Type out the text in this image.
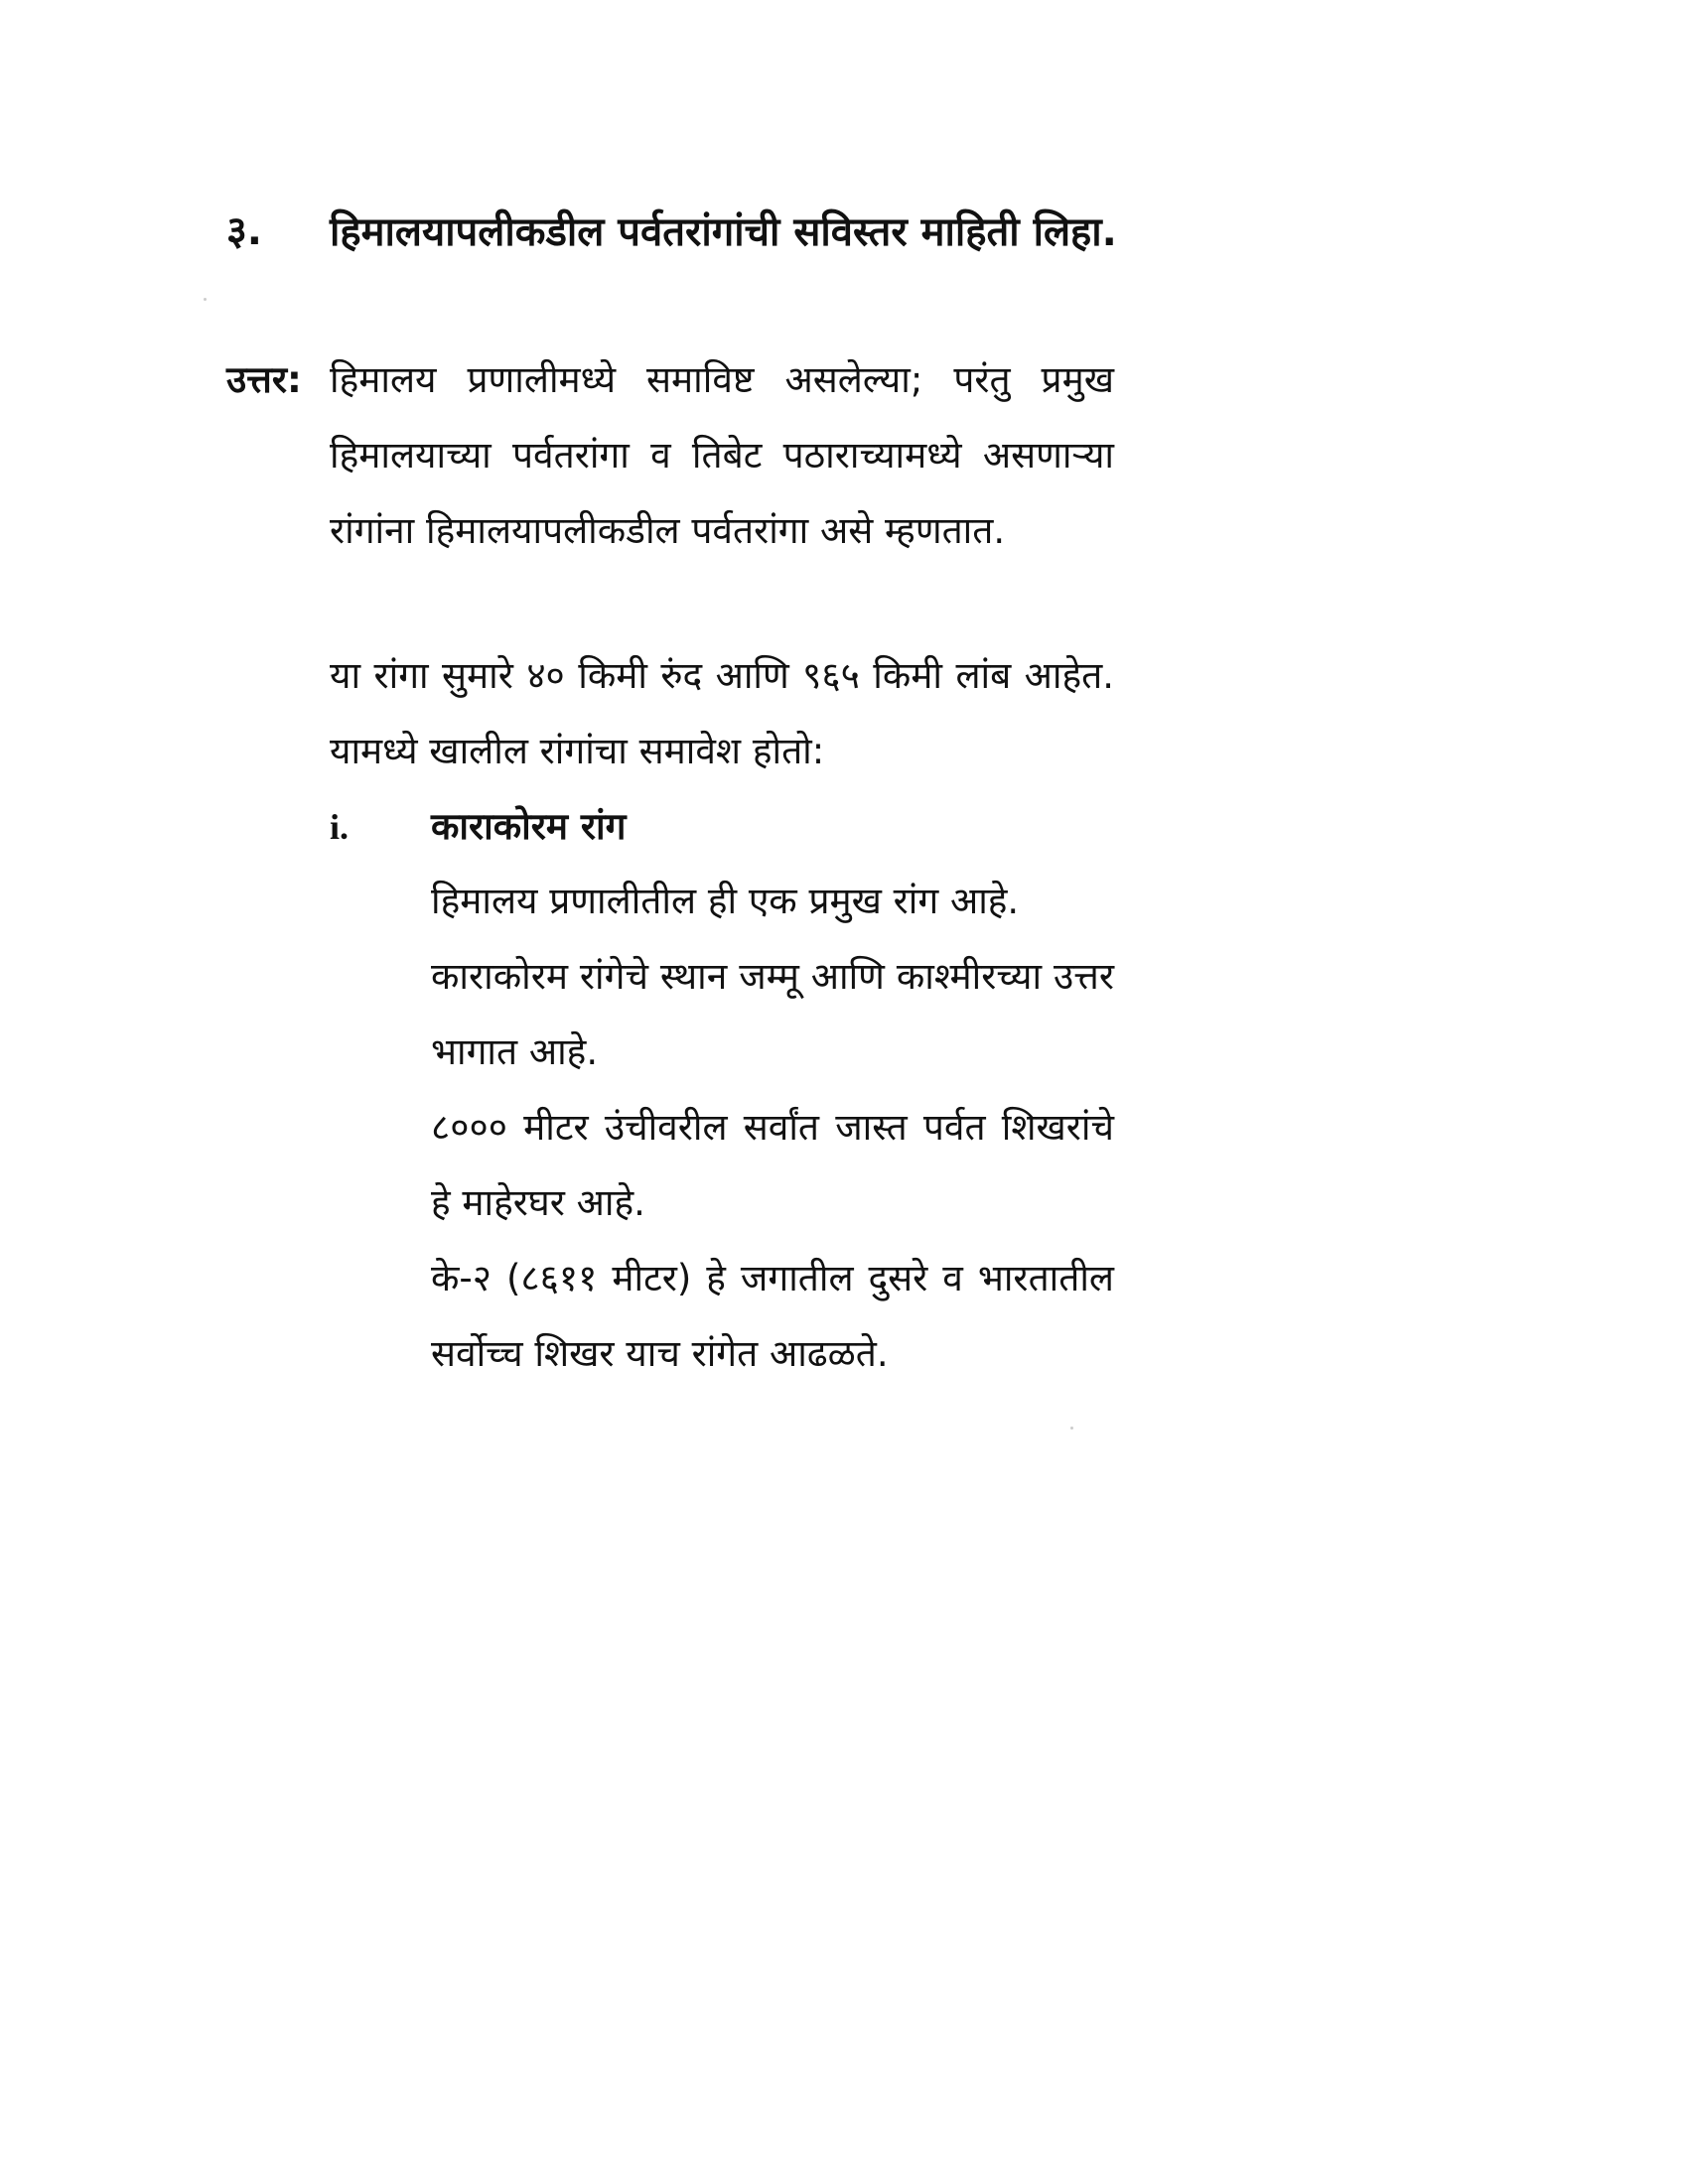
३. हिमालयापलीकडील पर्वतरांगांची सविस्तर माहिती लिहा.
उत्तर: हिमालय प्रणालीमध्ये समाविष्ट असलेल्या; परंतु प्रमुख हिमालयाच्या पर्वतरांगा व तिबेट पठाराच्यामध्ये असणाऱ्या रांगांना हिमालयापलीकडील पर्वतरांगा असे म्हणतात.
या रांगा सुमारे ४० किमी रुंद आणि ९६५ किमी लांब आहेत. यामध्ये खालील रांगांचा समावेश होतो:
i. काराकोरम रांग
हिमालय प्रणालीतील ही एक प्रमुख रांग आहे.
काराकोरम रांगेचे स्थान जम्मू आणि काश्मीरच्या उत्तर भागात आहे.
८००० मीटर उंचीवरील सर्वांत जास्त पर्वत शिखरांचे हे माहेरघर आहे.
के-२ (८६११ मीटर) हे जगातील दुसरे व भारतातील सर्वोच्च शिखर याच रांगेत आढळते.
